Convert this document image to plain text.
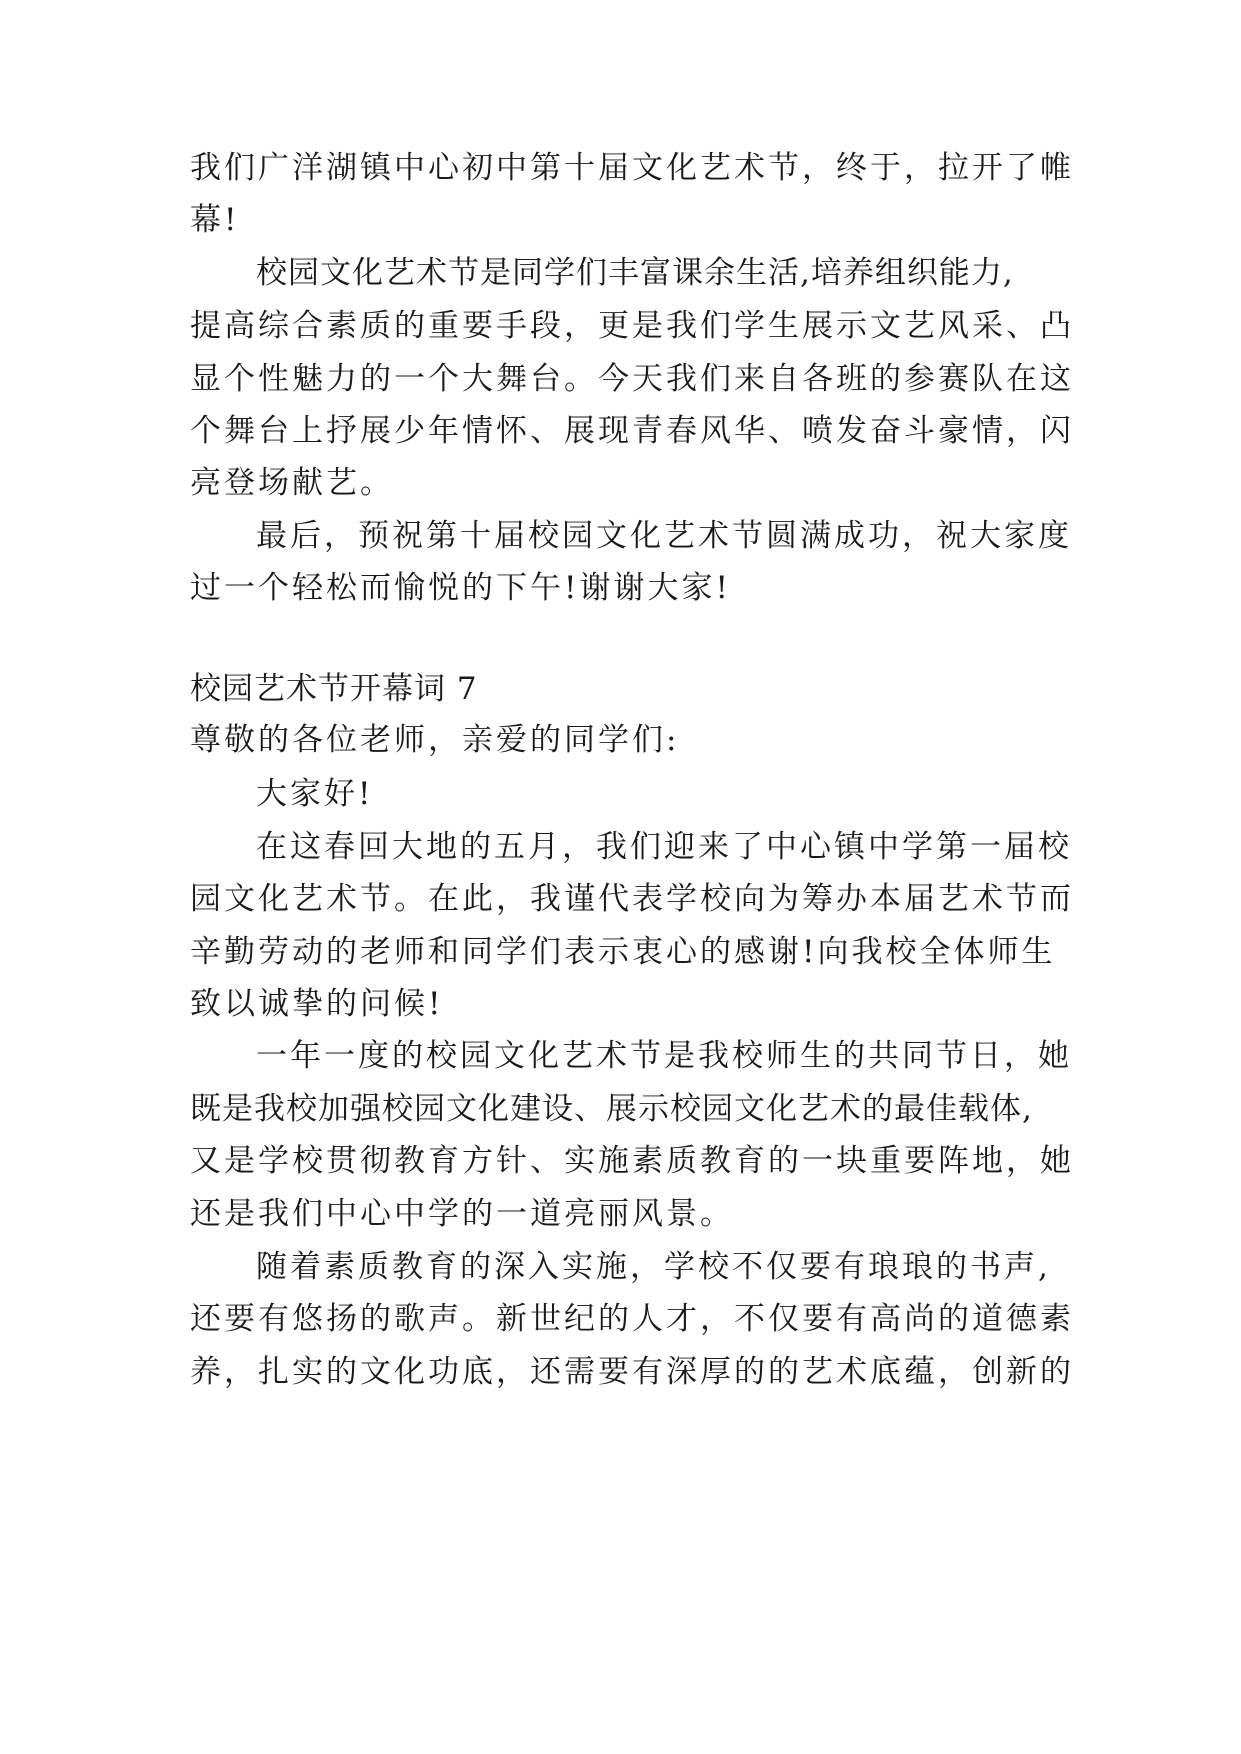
我们广洋湖镇中心初中第十届文化艺术节，终于，拉开了帷

幕!

校园文化艺术节是同学们丰富课余生活,培养组织能力,

提高综合素质的重要手段，更是我们学生展示文艺风采、凸

显个性魅力的一个大舞台。今天我们来自各班的参赛队在这

个舞台上抒展少年情怀、展现青春风华、喷发奋斗豪情，闪

亮登场献艺。

最后，预祝第十届校园文化艺术节圆满成功，祝大家度

过一个轻松而愉悦的下午!谢谢大家!

校园艺术节开幕词 7

尊敬的各位老师，亲爱的同学们:

大家好!

在这春回大地的五月，我们迎来了中心镇中学第一届校

园文化艺术节。在此，我谨代表学校向为筹办本届艺术节而

辛勤劳动的老师和同学们表示衷心的感谢!向我校全体师生

致以诚挚的问候!

一年一度的校园文化艺术节是我校师生的共同节日，她

既是我校加强校园文化建设、展示校园文化艺术的最佳载体,

又是学校贯彻教育方针、实施素质教育的一块重要阵地，她

还是我们中心中学的一道亮丽风景。

随着素质教育的深入实施，学校不仅要有琅琅的书声,

还要有悠扬的歌声。新世纪的人才，不仅要有高尚的道德素

养，扎实的文化功底，还需要有深厚的的艺术底蕴，创新的
